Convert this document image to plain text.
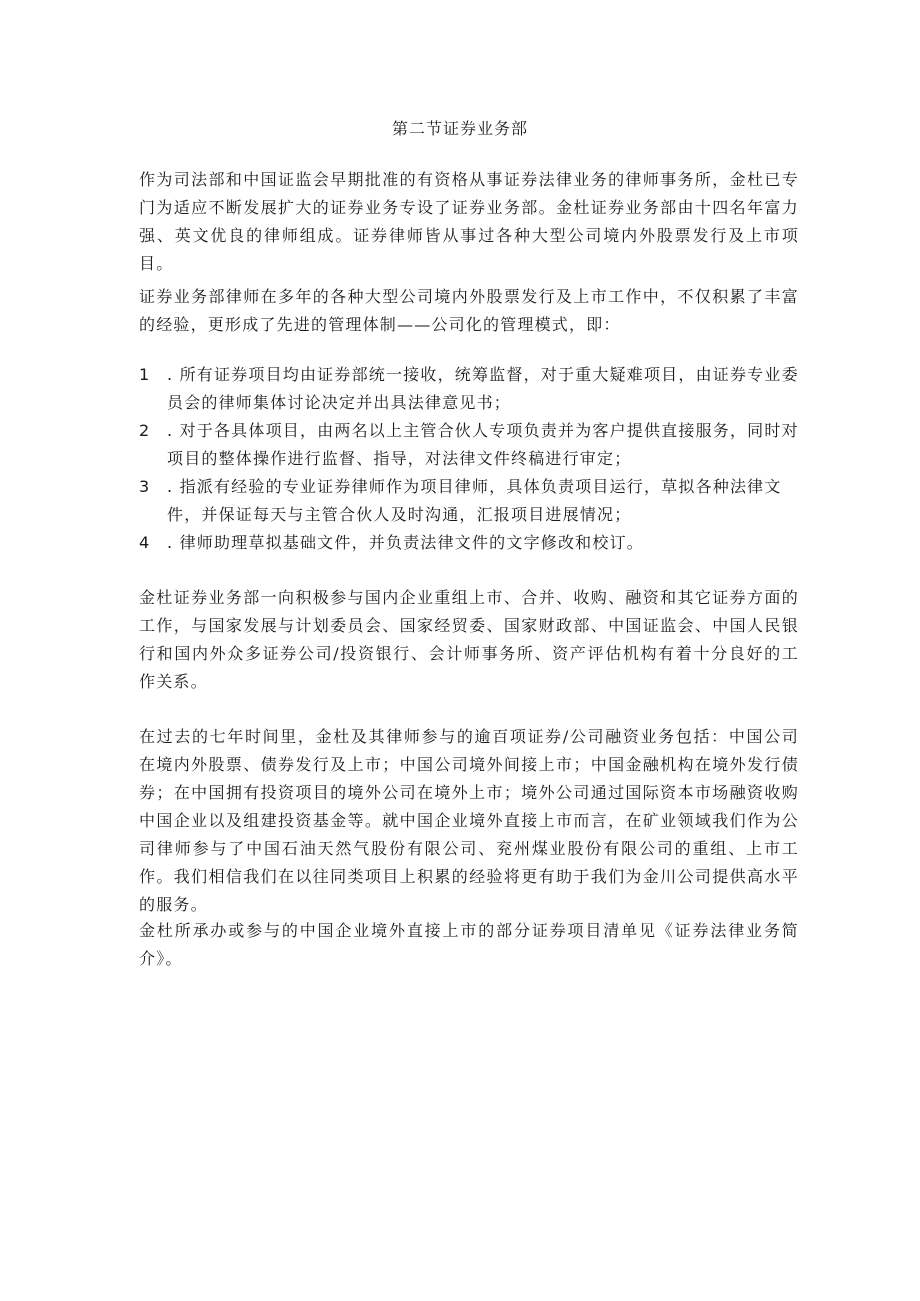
第二节证券业务部
作为司法部和中国证监会早期批准的有资格从事证券法律业务的律师事务所，金杜已专门为适应不断发展扩大的证券业务专设了证券业务部。金杜证券业务部由十四名年富力强、英文优良的律师组成。证券律师皆从事过各种大型公司境内外股票发行及上市项目。
证券业务部律师在多年的各种大型公司境内外股票发行及上市工作中，不仅积累了丰富的经验，更形成了先进的管理体制——公司化的管理模式，即：
1	. 所有证券项目均由证券部统一接收，统筹监督，对于重大疑难项目，由证券专业委员会的律师集体讨论决定并出具法律意见书；
2	. 对于各具体项目，由两名以上主管合伙人专项负责并为客户提供直接服务，同时对项目的整体操作进行监督、指导，对法律文件终稿进行审定；
3	. 指派有经验的专业证券律师作为项目律师，具体负责项目运行，草拟各种法律文件，并保证每天与主管合伙人及时沟通，汇报项目进展情况；
4	. 律师助理草拟基础文件，并负责法律文件的文字修改和校订。
金杜证券业务部一向积极参与国内企业重组上市、合并、收购、融资和其它证券方面的工作，与国家发展与计划委员会、国家经贸委、国家财政部、中国证监会、中国人民银行和国内外众多证券公司/投资银行、会计师事务所、资产评估机构有着十分良好的工作关系。
在过去的七年时间里，金杜及其律师参与的逾百项证券/公司融资业务包括：中国公司在境内外股票、债券发行及上市；中国公司境外间接上市；中国金融机构在境外发行债券；在中国拥有投资项目的境外公司在境外上市；境外公司通过国际资本市场融资收购中国企业以及组建投资基金等。就中国企业境外直接上市而言，在矿业领域我们作为公司律师参与了中国石油天然气股份有限公司、兖州煤业股份有限公司的重组、上市工作。我们相信我们在以往同类项目上积累的经验将更有助于我们为金川公司提供高水平的服务。
金杜所承办或参与的中国企业境外直接上市的部分证券项目清单见《证券法律业务简介》。
